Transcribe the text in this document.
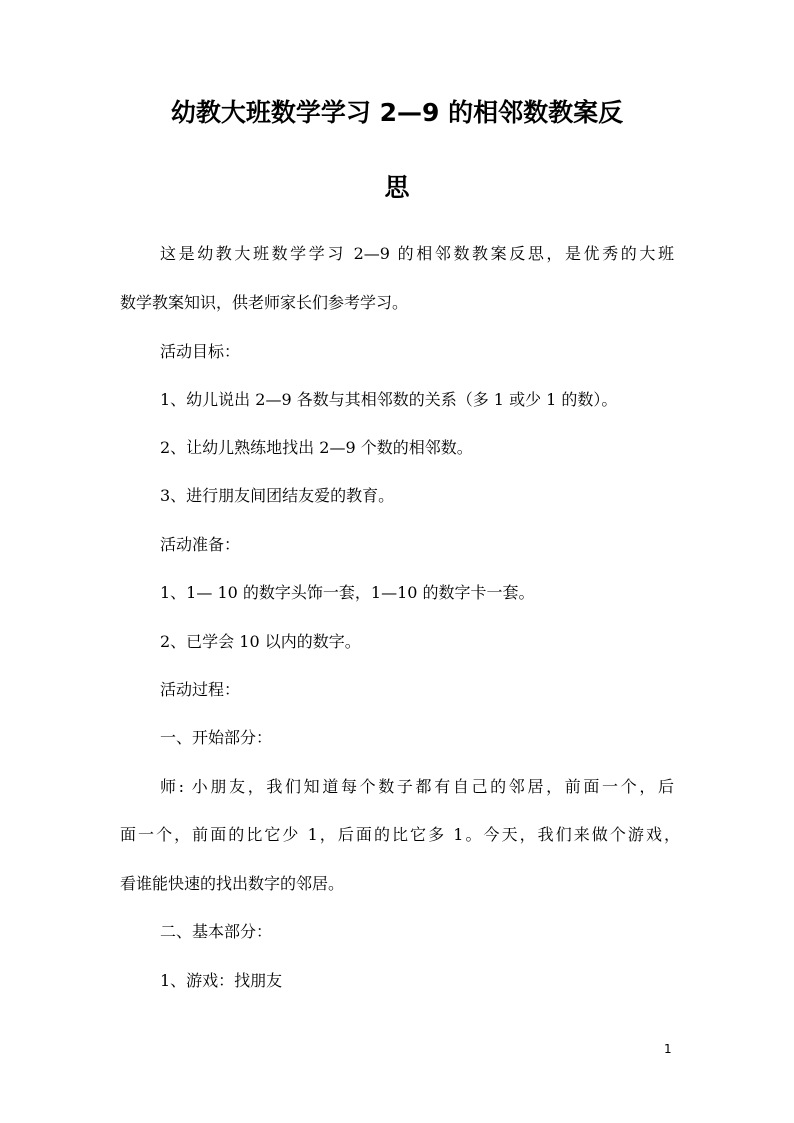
幼教大班数学学习 2—9 的相邻数教案反
思
这是幼教大班数学学习 2—9 的相邻数教案反思，是优秀的大班
数学教案知识，供老师家长们参考学习。
活动目标：
1、幼儿说出 2—9 各数与其相邻数的关系（多 1 或少 1 的数）。
2、让幼儿熟练地找出 2—9 个数的相邻数。
3、进行朋友间团结友爱的教育。
活动准备：
1、1— 10 的数字头饰一套，1—10 的数字卡一套。
2、已学会 10 以内的数字。
活动过程：
一、开始部分：
师: 小朋友，我们知道每个数子都有自己的邻居，前面一个，后
面一个，前面的比它少 1，后面的比它多 1。今天，我们来做个游戏，
看谁能快速的找出数字的邻居。
二、基本部分：
1、游戏：找朋友
1
